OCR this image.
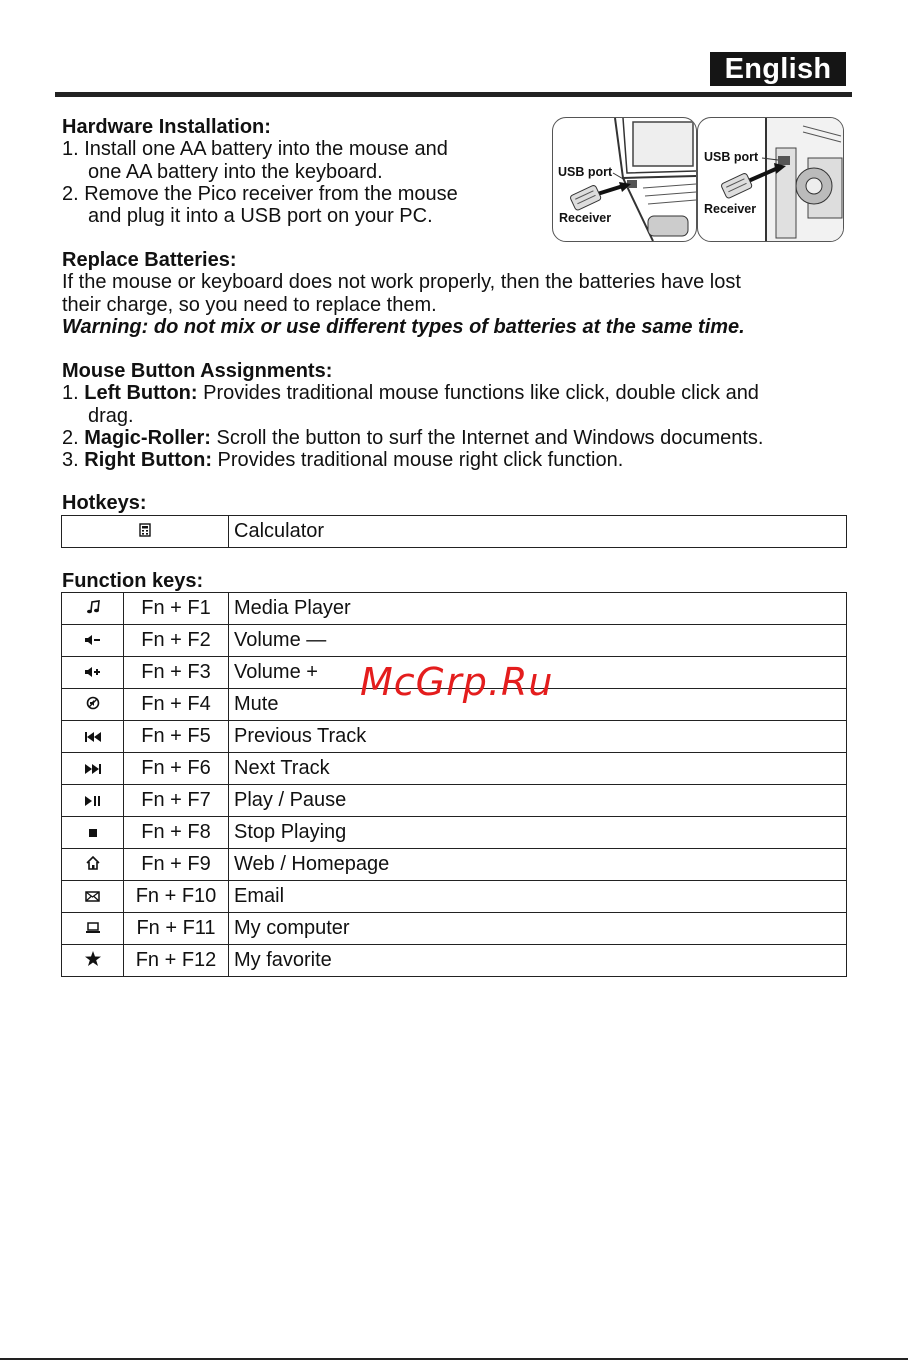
English

Hardware Installation:

1. Install one AA battery into the mouse and

one AA battery into the keyboard.

2. Remove the Pico receiver from the mouse

and plug it into a USB port on your PC.

USB port
Receiver
USB port
Receiver

Replace Batteries:

If the mouse or keyboard does not work properly, then the batteries have lost

their charge, so you need to replace them.

Warning: do not mix or use different types of batteries at the same time.

Mouse Button Assignments:

1. Left Button: Provides traditional mouse functions like click, double click and

drag.

2. Magic-Roller: Scroll the button to surf the Internet and Windows documents.

3. Right Button: Provides traditional mouse right click function.

Hotkeys:

	Calculator

Function keys:

	Fn + F1	Media Player
	Fn + F2	Volume —
	Fn + F3	Volume +
	Fn + F4	Mute
	Fn + F5	Previous Track
	Fn + F6	Next Track
	Fn + F7	Play / Pause
	Fn + F8	Stop Playing
	Fn + F9	Web / Homepage
	Fn + F10	Email
	Fn + F11	My computer
	Fn + F12	My favorite
McGrp.Ru
